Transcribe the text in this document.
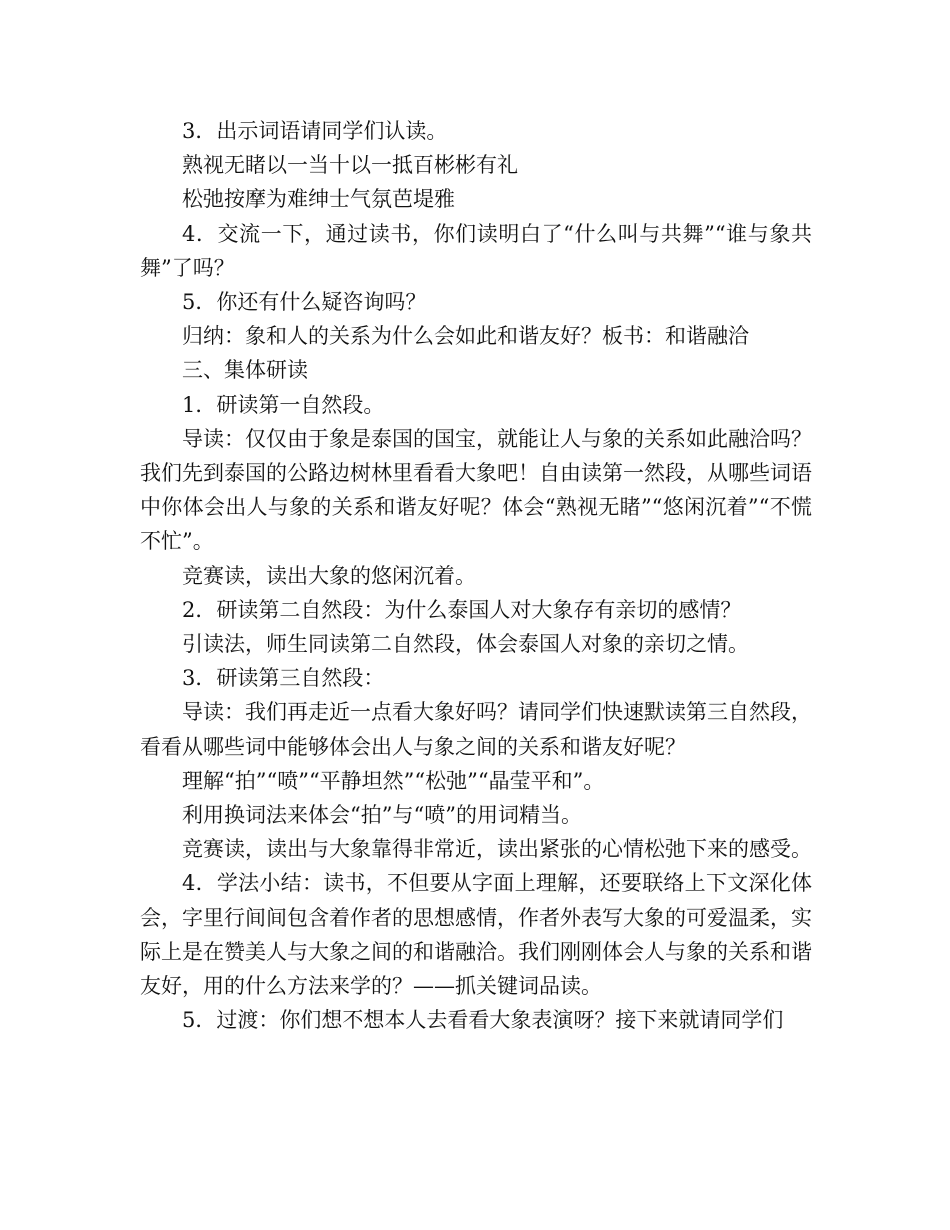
3．出示词语请同学们认读。

熟视无睹以一当十以一抵百彬彬有礼

松弛按摩为难绅士气氛芭堤雅

4．交流一下，通过读书，你们读明白了“什么叫与共舞”“谁与象共舞”了吗？

5．你还有什么疑咨询吗？

归纳：象和人的关系为什么会如此和谐友好？板书：和谐融洽

三、集体研读

1．研读第一自然段。

导读：仅仅由于象是泰国的国宝，就能让人与象的关系如此融洽吗？我们先到泰国的公路边树林里看看大象吧！自由读第一然段，从哪些词语中你体会出人与象的关系和谐友好呢？体会“熟视无睹”“悠闲沉着”“不慌不忙”。

竞赛读，读出大象的悠闲沉着。

2．研读第二自然段：为什么泰国人对大象存有亲切的感情？

引读法，师生同读第二自然段，体会泰国人对象的亲切之情。

3．研读第三自然段：

导读：我们再走近一点看大象好吗？请同学们快速默读第三自然段，看看从哪些词中能够体会出人与象之间的关系和谐友好呢？

理解“拍”“喷”“平静坦然”“松弛”“晶莹平和”。

利用换词法来体会“拍”与“喷”的用词精当。

竞赛读，读出与大象靠得非常近，读出紧张的心情松弛下来的感受。

4．学法小结：读书，不但要从字面上理解，还要联络上下文深化体会，字里行间间包含着作者的思想感情，作者外表写大象的可爱温柔，实际上是在赞美人与大象之间的和谐融洽。我们刚刚体会人与象的关系和谐友好，用的什么方法来学的？——抓关键词品读。

5．过渡：你们想不想本人去看看大象表演呀？接下来就请同学们
